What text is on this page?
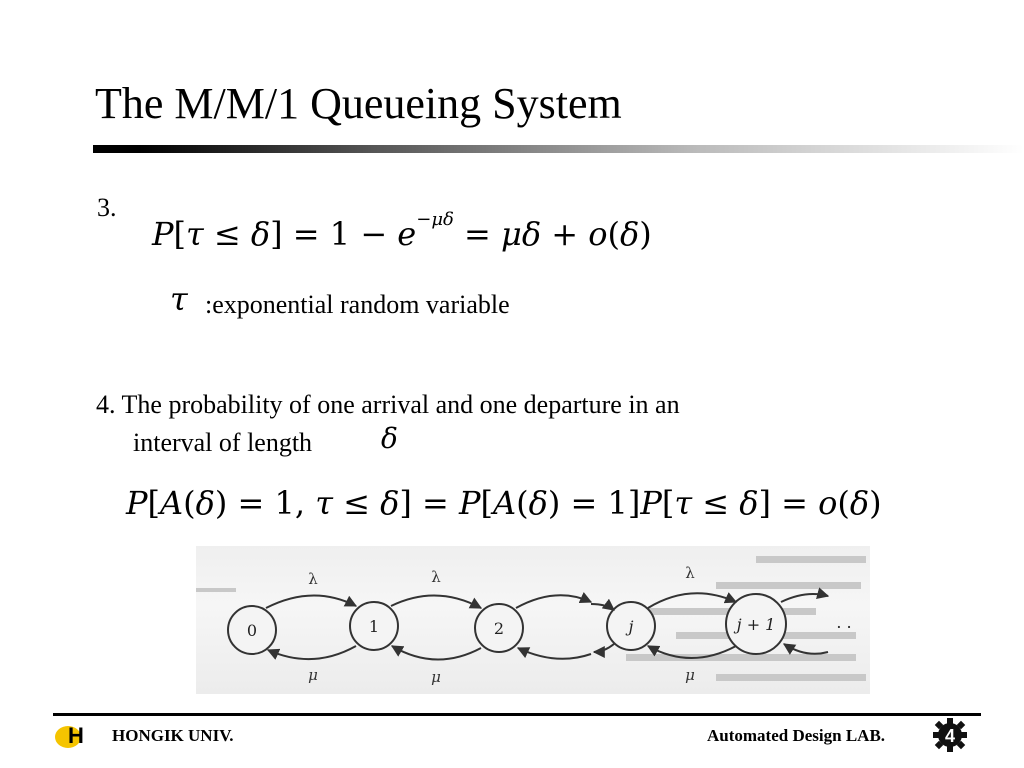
The M/M/1 Queueing System
3.
$P[\tau \le \delta] = 1 - e^{-\mu\delta} = \mu\delta + o(\delta)$
τ :exponential random variable
4. The probability of one arrival and one departure in an
interval of length δ
P[A(δ) = 1, τ ≤ δ] = P[A(δ) = 1]P[τ ≤ δ] = o(δ)
0	1	2	j	j + 1	. .
λ	λ	λ
μ	μ	μ
H HONGIK UNIV.	Automated Design LAB.	4
